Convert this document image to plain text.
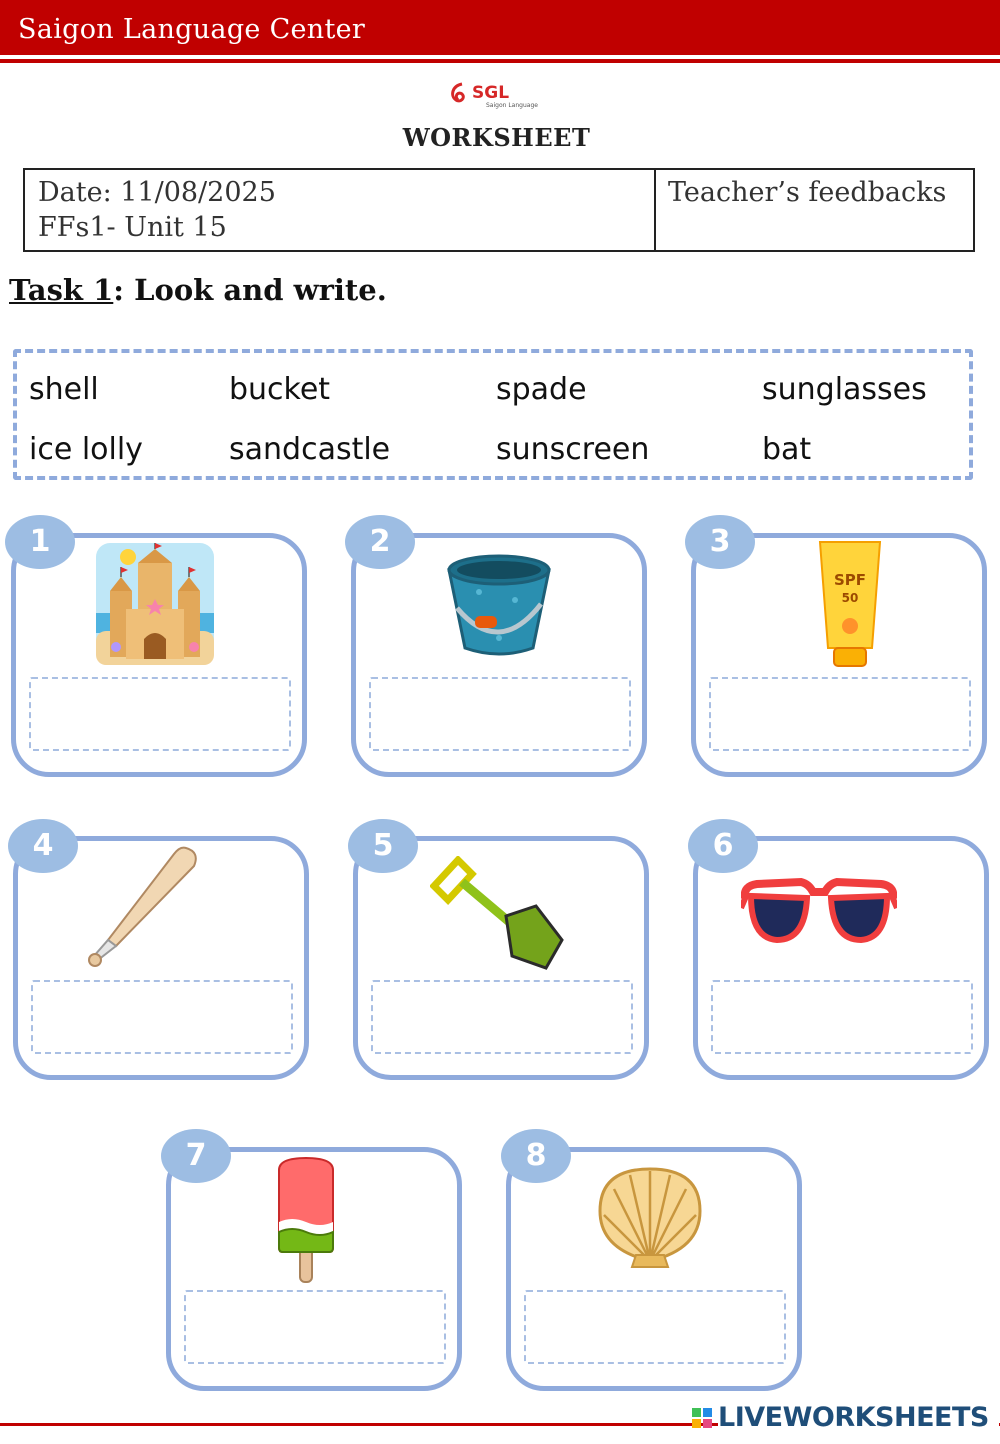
Saigon Language Center
SGL
Saigon Language
WORKSHEET
Date: 11/08/2025
FFs1- Unit 15
Teacher’s feedbacks
Task 1: Look and write.
shell	bucket	spade	sunglasses
ice lolly	sandcastle	sunscreen	bat
1	2	3
SPF
50
4	5	6
7	8
LIVEWORKSHEETS
